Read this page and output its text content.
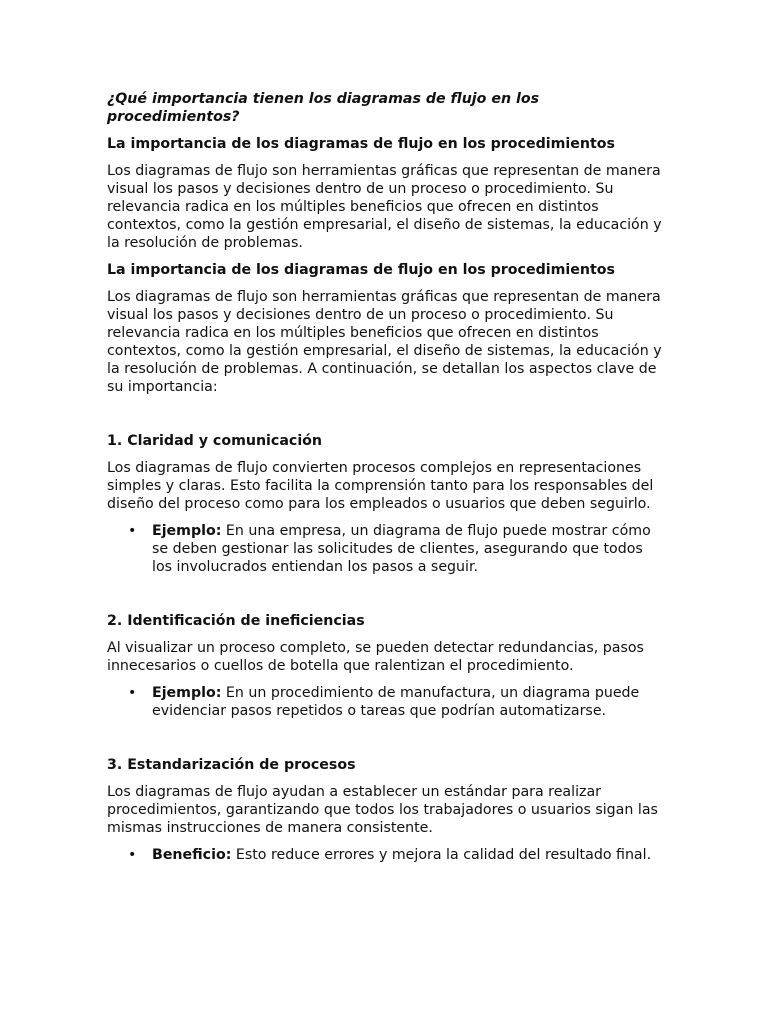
¿Qué importancia tienen los diagramas de flujo en los procedimientos?

La importancia de los diagramas de flujo en los procedimientos

Los diagramas de flujo son herramientas gráficas que representan de manera visual los pasos y decisiones dentro de un proceso o procedimiento. Su relevancia radica en los múltiples beneficios que ofrecen en distintos contextos, como la gestión empresarial, el diseño de sistemas, la educación y la resolución de problemas.

La importancia de los diagramas de flujo en los procedimientos

Los diagramas de flujo son herramientas gráficas que representan de manera visual los pasos y decisiones dentro de un proceso o procedimiento. Su relevancia radica en los múltiples beneficios que ofrecen en distintos contextos, como la gestión empresarial, el diseño de sistemas, la educación y la resolución de problemas. A continuación, se detallan los aspectos clave de su importancia:

1. Claridad y comunicación

Los diagramas de flujo convierten procesos complejos en representaciones simples y claras. Esto facilita la comprensión tanto para los responsables del diseño del proceso como para los empleados o usuarios que deben seguirlo.

• Ejemplo: En una empresa, un diagrama de flujo puede mostrar cómo se deben gestionar las solicitudes de clientes, asegurando que todos los involucrados entiendan los pasos a seguir.

2. Identificación de ineficiencias

Al visualizar un proceso completo, se pueden detectar redundancias, pasos innecesarios o cuellos de botella que ralentizan el procedimiento.

• Ejemplo: En un procedimiento de manufactura, un diagrama puede evidenciar pasos repetidos o tareas que podrían automatizarse.

3. Estandarización de procesos

Los diagramas de flujo ayudan a establecer un estándar para realizar procedimientos, garantizando que todos los trabajadores o usuarios sigan las mismas instrucciones de manera consistente.

• Beneficio: Esto reduce errores y mejora la calidad del resultado final.
